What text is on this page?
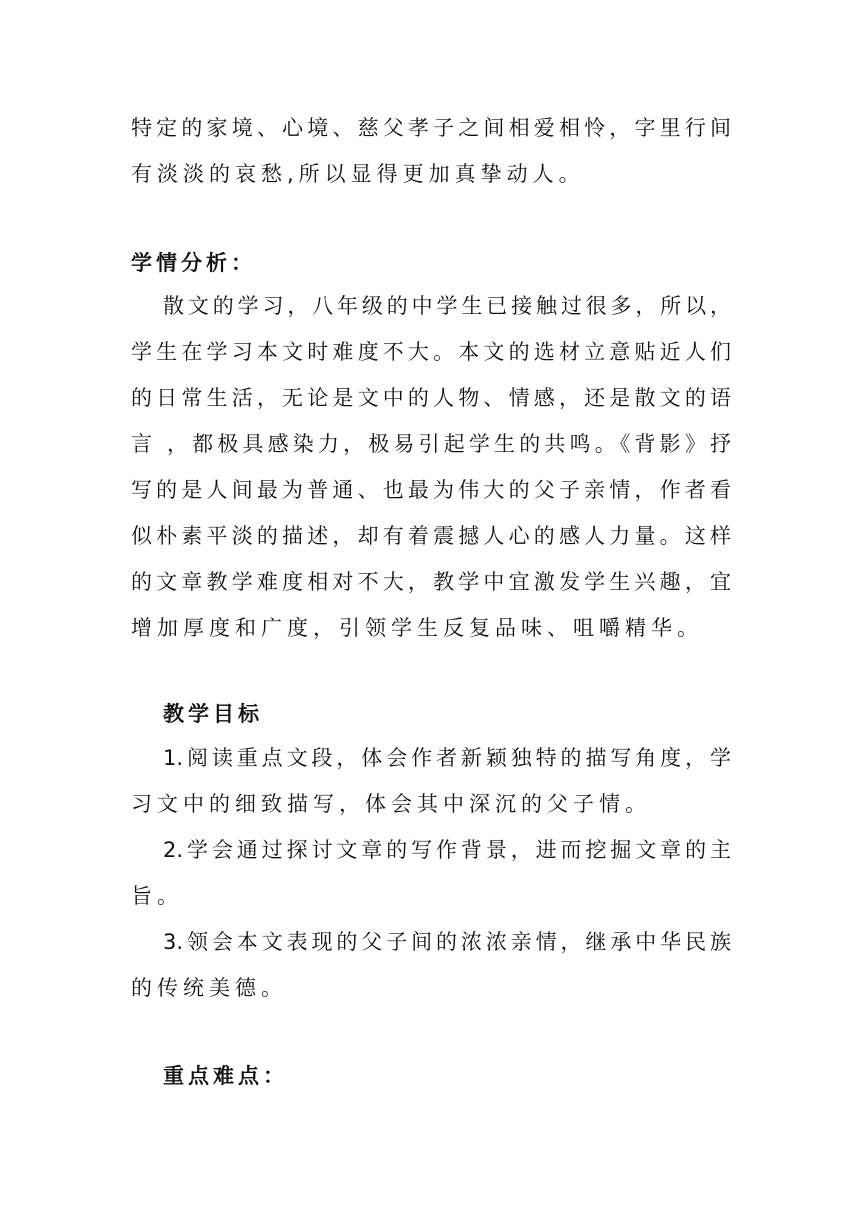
特定的家境、心境、慈父孝子之间相爱相怜，字里行间
有淡淡的哀愁,所以显得更加真挚动人。
学情分析：
散文的学习，八年级的中学生已接触过很多，所以，
学生在学习本文时难度不大。本文的选材立意贴近人们
的日常生活，无论是文中的人物、情感，还是散文的语
言 ，都极具感染力，极易引起学生的共鸣。《背影》抒
写的是人间最为普通、也最为伟大的父子亲情，作者看
似朴素平淡的描述，却有着震撼人心的感人力量。这样
的文章教学难度相对不大，教学中宜激发学生兴趣，宜
增加厚度和广度，引领学生反复品味、咀嚼精华。
教学目标
1.阅读重点文段，体会作者新颖独特的描写角度，学
习文中的细致描写，体会其中深沉的父子情。
2.学会通过探讨文章的写作背景，进而挖掘文章的主
旨。
3.领会本文表现的父子间的浓浓亲情，继承中华民族
的传统美德。
重点难点：
